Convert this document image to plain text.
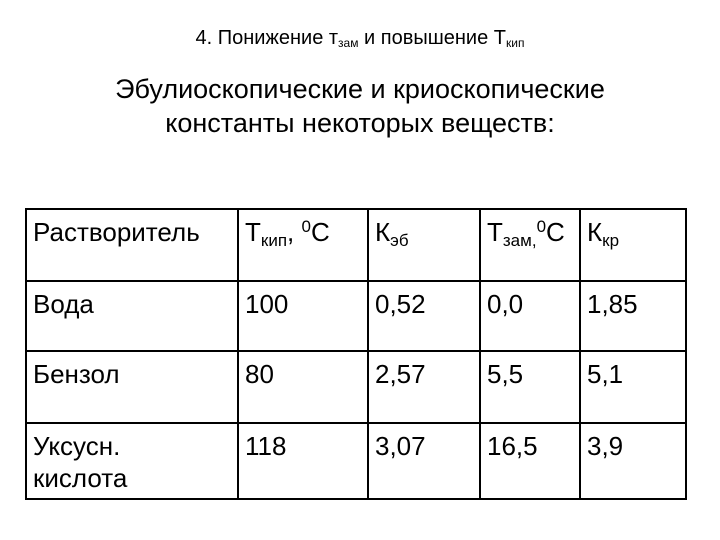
4. Понижение $т_{зам}$ и повышение $Т_{кип}$
Эбулиоскопические и криоскопические
константы некоторых веществ:
Растворитель	$Т_{кип}$, $^0$С	$К_{эб}$	$Т_{зам,}^0С$	$К_{кр}$
Вода	100	0,52	0,0	1,85
Бензол	80	2,57	5,5	5,1

Уксусн.
кислота	118	3,07	16,5	3,9
